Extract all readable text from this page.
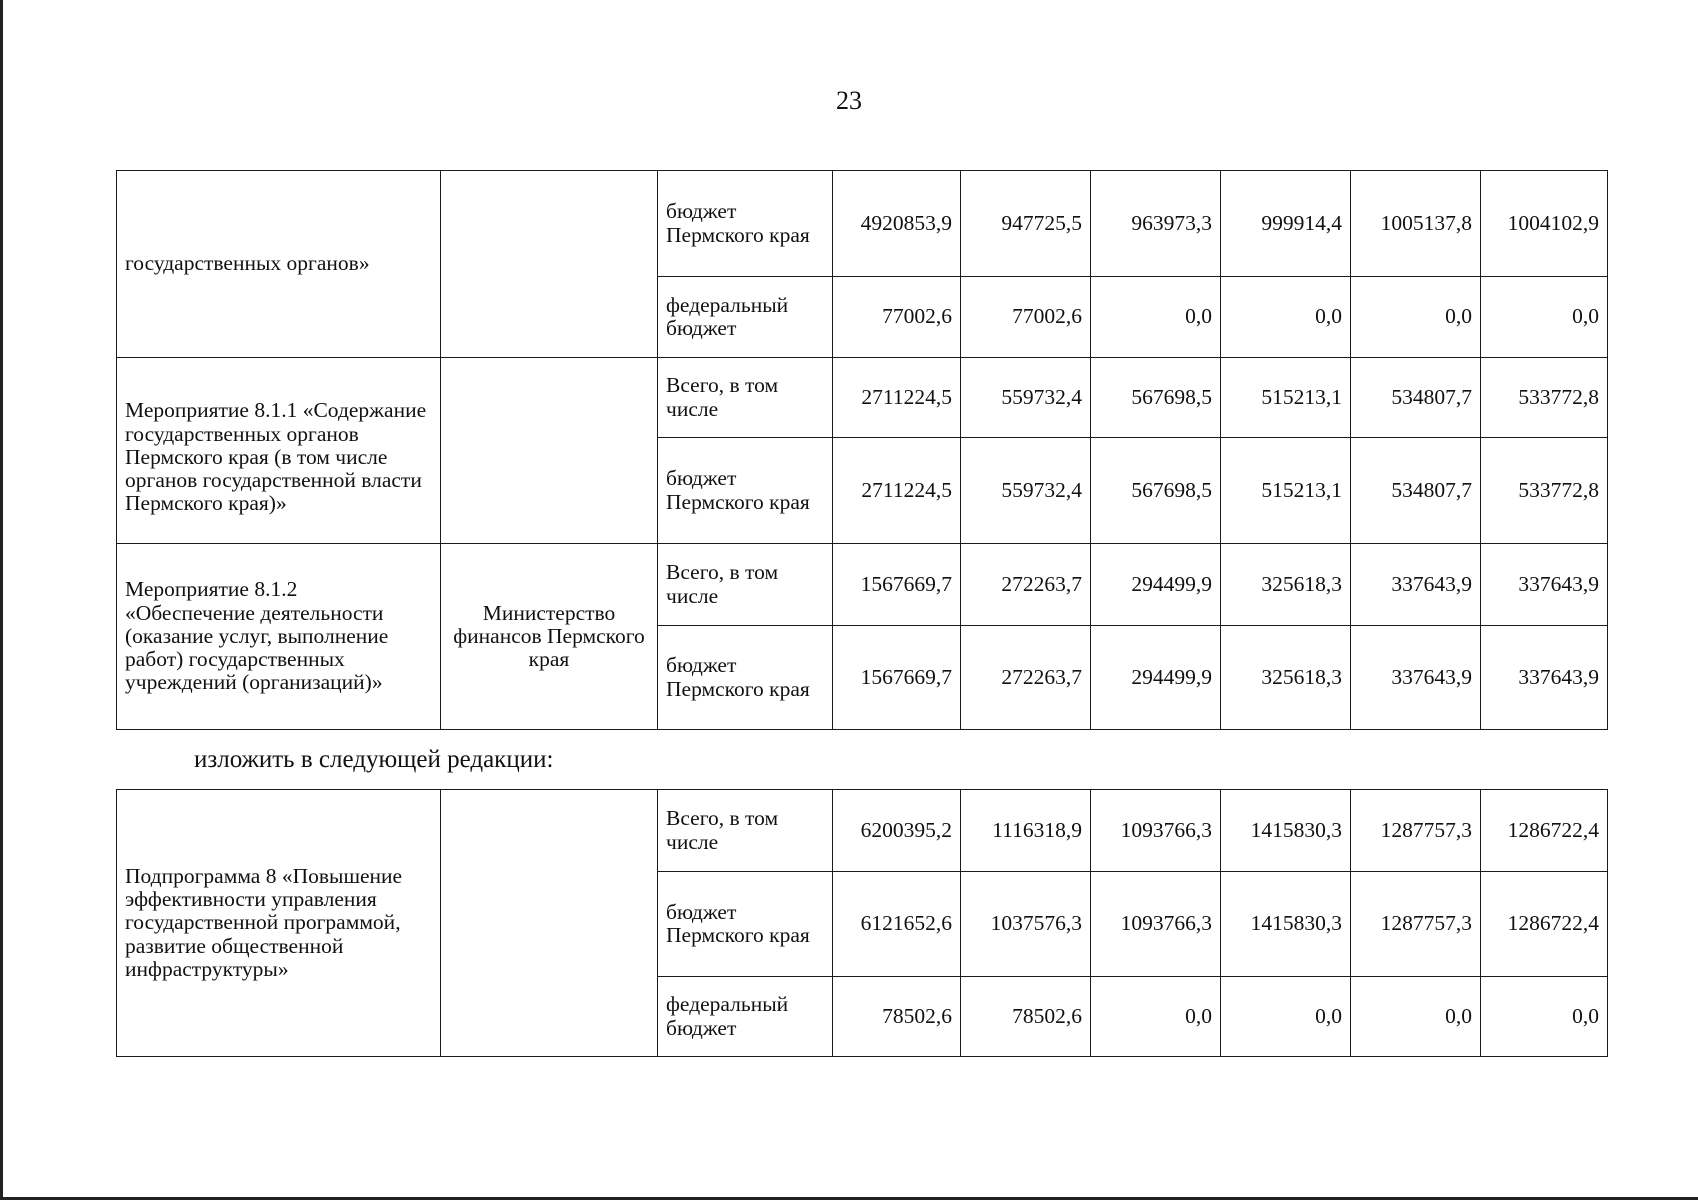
23
государственных органов»		бюджет Пермского края	4920853,9	947725,5	963973,3	999914,4	1005137,8	1004102,9
		федеральный бюджет	77002,6	77002,6	0,0	0,0	0,0	0,0
Мероприятие 8.1.1 «Содержание государственных органов Пермского края (в том числе органов государственной власти Пермского края)»		Всего, в том числе	2711224,5	559732,4	567698,5	515213,1	534807,7	533772,8
		бюджет Пермского края	2711224,5	559732,4	567698,5	515213,1	534807,7	533772,8
Мероприятие 8.1.2 «Обеспечение деятельности (оказание услуг, выполнение работ) государственных учреждений (организаций)»	Министерство финансов Пермского края	Всего, в том числе	1567669,7	272263,7	294499,9	325618,3	337643,9	337643,9
		бюджет Пермского края	1567669,7	272263,7	294499,9	325618,3	337643,9	337643,9
изложить в следующей редакции:
Подпрограмма 8 «Повышение эффективности управления государственной программой, развитие общественной инфраструктуры»		Всего, в том числе	6200395,2	1116318,9	1093766,3	1415830,3	1287757,3	1286722,4
		бюджет Пермского края	6121652,6	1037576,3	1093766,3	1415830,3	1287757,3	1286722,4
		федеральный бюджет	78502,6	78502,6	0,0	0,0	0,0	0,0
